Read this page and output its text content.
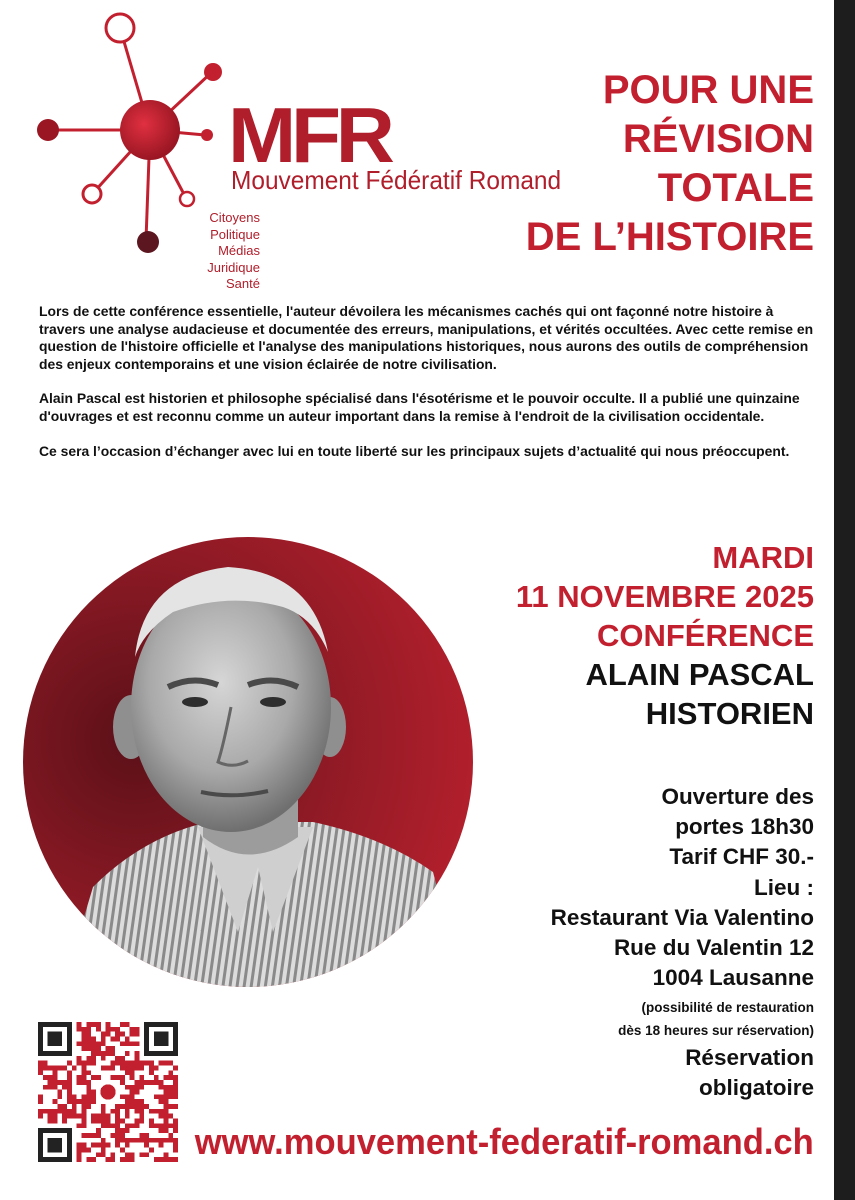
MFR
Mouvement Fédératif Romand
Citoyens
Politique
Médias
Juridique
Santé
POUR UNE
RÉVISION
TOTALE
DE L’HISTOIRE

Lors de cette conférence essentielle, l'auteur dévoilera les mécanismes cachés qui ont façonné notre histoire à travers une analyse audacieuse et documentée des erreurs, manipulations, et vérités occultées. Avec cette remise en question de l'histoire officielle et l'analyse des manipulations historiques, nous aurons des outils de compréhension des enjeux contemporains et une vision éclairée de notre civilisation.

Alain Pascal est historien et philosophe spécialisé dans l'ésotérisme et le pouvoir occulte. Il a publié une quinzaine d'ouvrages et est reconnu comme un auteur important dans la remise à l'endroit de la civilisation occidentale.

Ce sera l’occasion d’échanger avec lui en toute liberté sur les principaux sujets d’actualité qui nous préoccupent.

MARDI
11 NOVEMBRE 2025
CONFÉRENCE
ALAIN PASCAL
HISTORIEN
Ouverture des
portes 18h30
Tarif CHF 30.-
Lieu :
Restaurant Via Valentino
Rue du Valentin 12
1004 Lausanne
(possibilité de restauration
dès 18 heures sur réservation)
Réservation
obligatoire
www.mouvement-federatif-romand.ch
